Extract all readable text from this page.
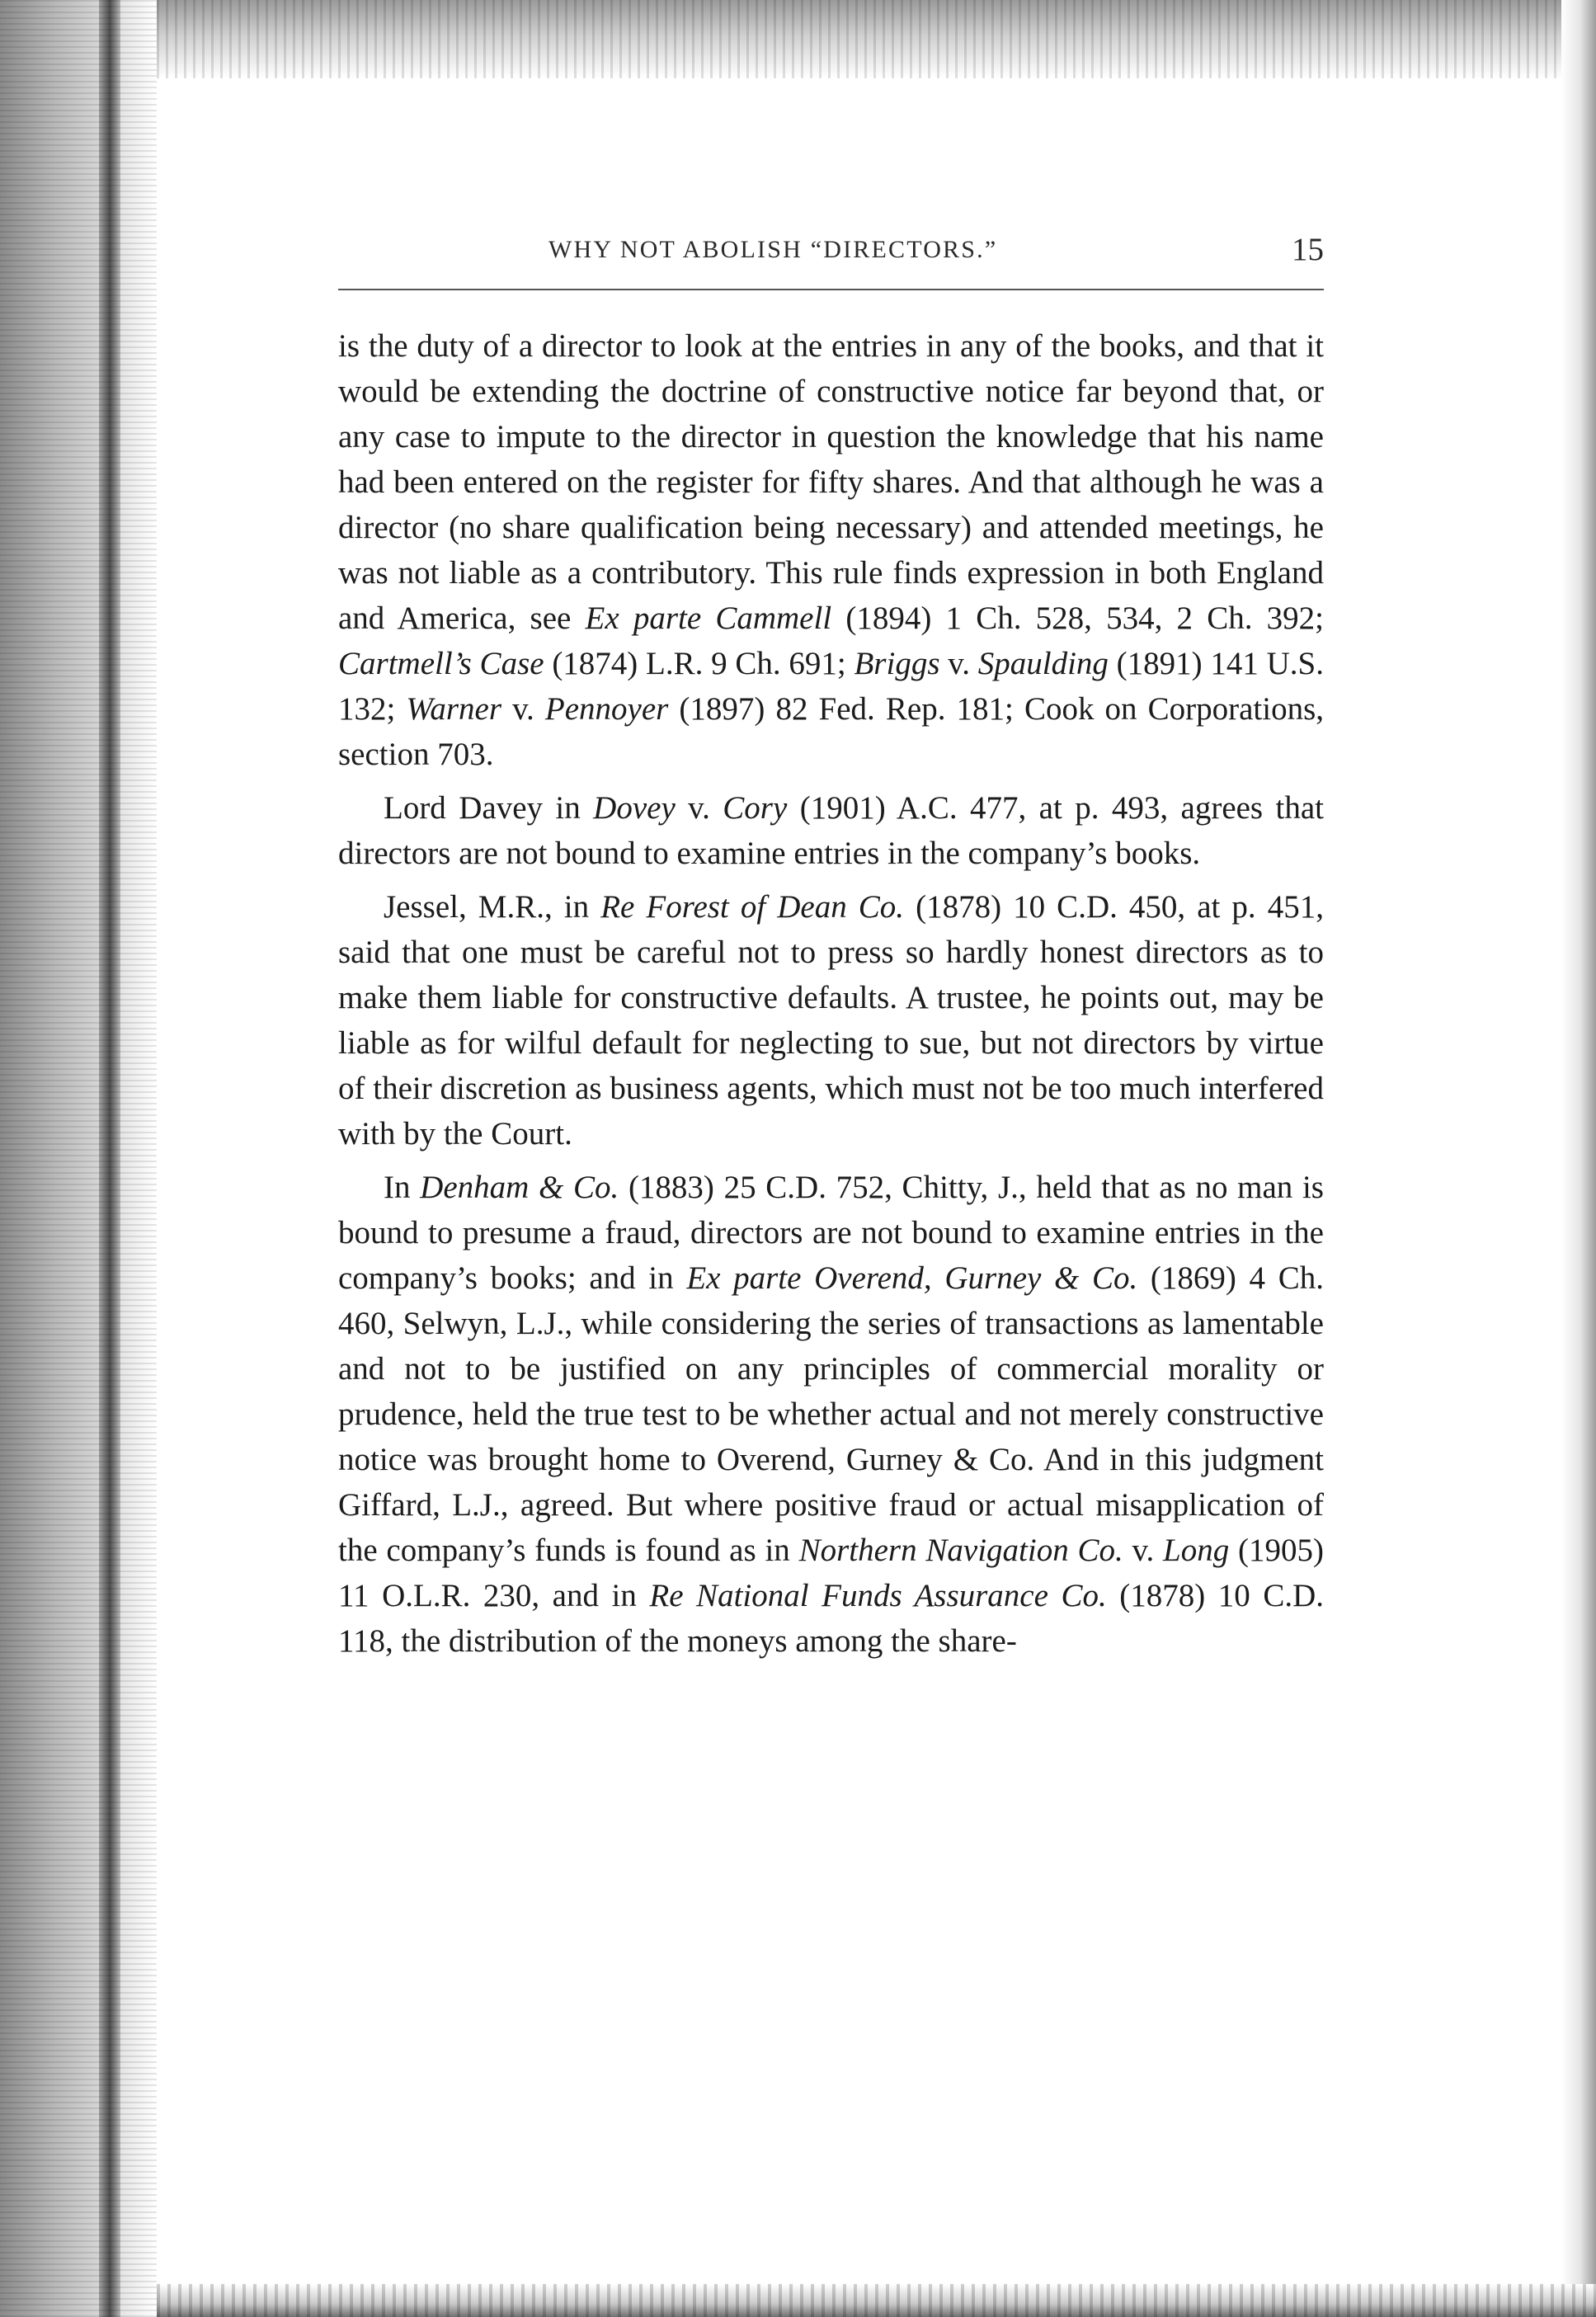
WHY NOT ABOLISH “DIRECTORS.”	15

is the duty of a director to look at the entries in any of the books, and that it would be extending the doctrine of constructive notice far beyond that, or any case to impute to the director in question the knowledge that his name had been entered on the register for fifty shares. And that although he was a director (no share qualification being necessary) and attended meetings, he was not liable as a contributory. This rule finds expression in both England and America, see Ex parte Cammell (1894) 1 Ch. 528, 534, 2 Ch. 392; Cartmell’s Case (1874) L.R. 9 Ch. 691; Briggs v. Spaulding (1891) 141 U.S. 132; Warner v. Pennoyer (1897) 82 Fed. Rep. 181; Cook on Corporations, section 703.

Lord Davey in Dovey v. Cory (1901) A.C. 477, at p. 493, agrees that directors are not bound to examine entries in the company’s books.

Jessel, M.R., in Re Forest of Dean Co. (1878) 10 C.D. 450, at p. 451, said that one must be careful not to press so hardly honest directors as to make them liable for constructive defaults. A trustee, he points out, may be liable as for wilful default for neglecting to sue, but not directors by virtue of their discretion as business agents, which must not be too much interfered with by the Court.

In Denham & Co. (1883) 25 C.D. 752, Chitty, J., held that as no man is bound to presume a fraud, directors are not bound to examine entries in the company’s books; and in Ex parte Overend, Gurney & Co. (1869) 4 Ch. 460, Selwyn, L.J., while considering the series of transactions as lamentable and not to be justified on any principles of commercial morality or prudence, held the true test to be whether actual and not merely constructive notice was brought home to Overend, Gurney & Co. And in this judgment Giffard, L.J., agreed. But where positive fraud or actual misapplication of the company’s funds is found as in Northern Navigation Co. v. Long (1905) 11 O.L.R. 230, and in Re National Funds Assurance Co. (1878) 10 C.D. 118, the distribution of the moneys among the share-
